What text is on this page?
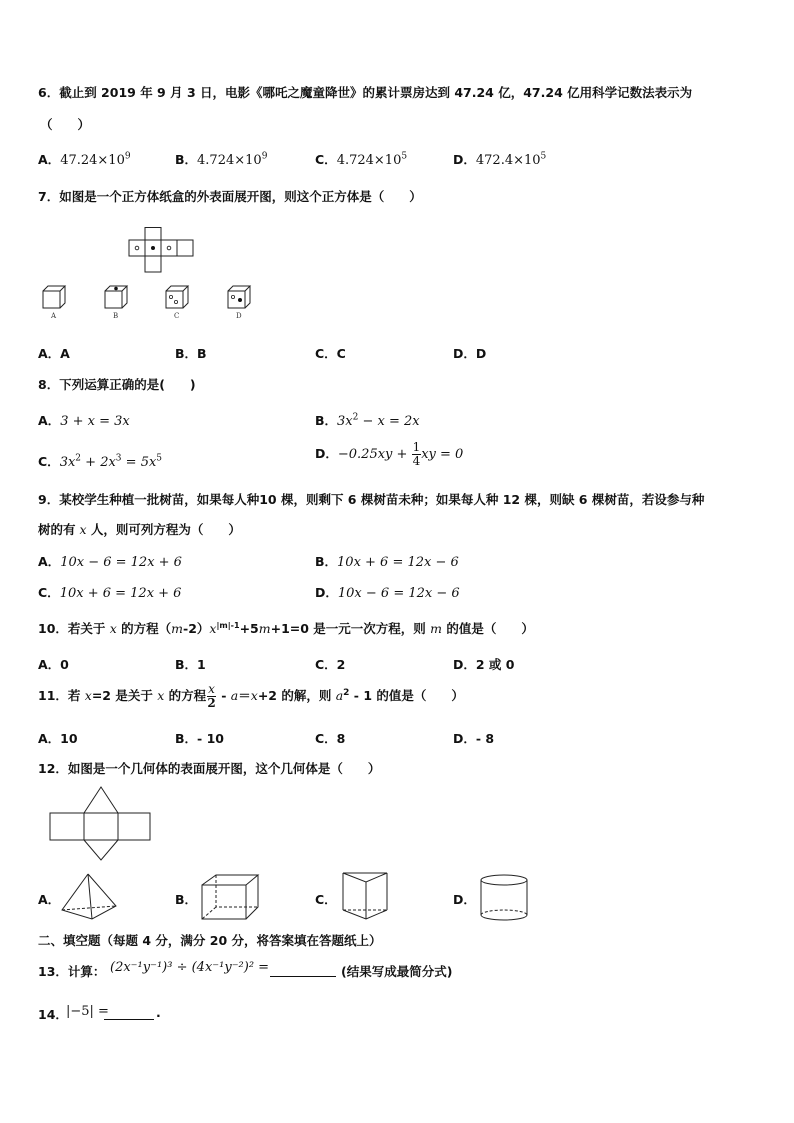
6．截止到 2019 年 9 月 3 日，电影《哪吒之魔童降世》的累计票房达到 47.24 亿，47.24 亿用科学记数法表示为
（　　）
A．$47.24\times 10^9$	B．$4.724\times 10^9$	C．$4.724\times 10^5$	D．$472.4\times 10^5$
7．如图是一个正方体纸盒的外表面展开图，则这个正方体是（　　）
A	B	C	D
A．A	B．B	C．C	D．D
8．下列运算正确的是(　　)
A．3 + x = 3x	B．$3x^2 - x = 2x$
C．$3x^2 + 2x^3 = 5x^5$	D．$-0.25xy + \frac{1}{4}$ xy = 0
9．某校学生种植一批树苗，如果每人种10 棵，则剩下 6 棵树苗未种；如果每人种 12 棵，则缺 6 棵树苗，若设参与种
树的有 x 人，则可列方程为（　　）
A．10x − 6 = 12x + 6	B．10x + 6 = 12x − 6
C．10x + 6 = 12x + 6	D．10x − 6 = 12x − 6
10．若关于 x 的方程$(m-2)x^{|m|-1}+5m+1=0$ 是一元一次方程，则 m 的值是（　　）
A．0	B．1	C．2	D．2 或 0
11．若 x=2 是关于 x 的方程 $\frac{x}{2} - a=x+2$ 的解，则 $a^2 - 1$ 的值是（　　）
A．10	B．- 10	C．8	D．- 8
12．如图是一个几何体的表面展开图，这个几何体是（　　）
A．	B．	C．	D．
二、填空题（每题 4 分，满分 20 分，将答案填在答题纸上）
13．计算： (2x⁻¹y⁻¹)³ ÷ (4x⁻¹y⁻²)² =	(结果写成最简分式)
14．
|−5| =	.
